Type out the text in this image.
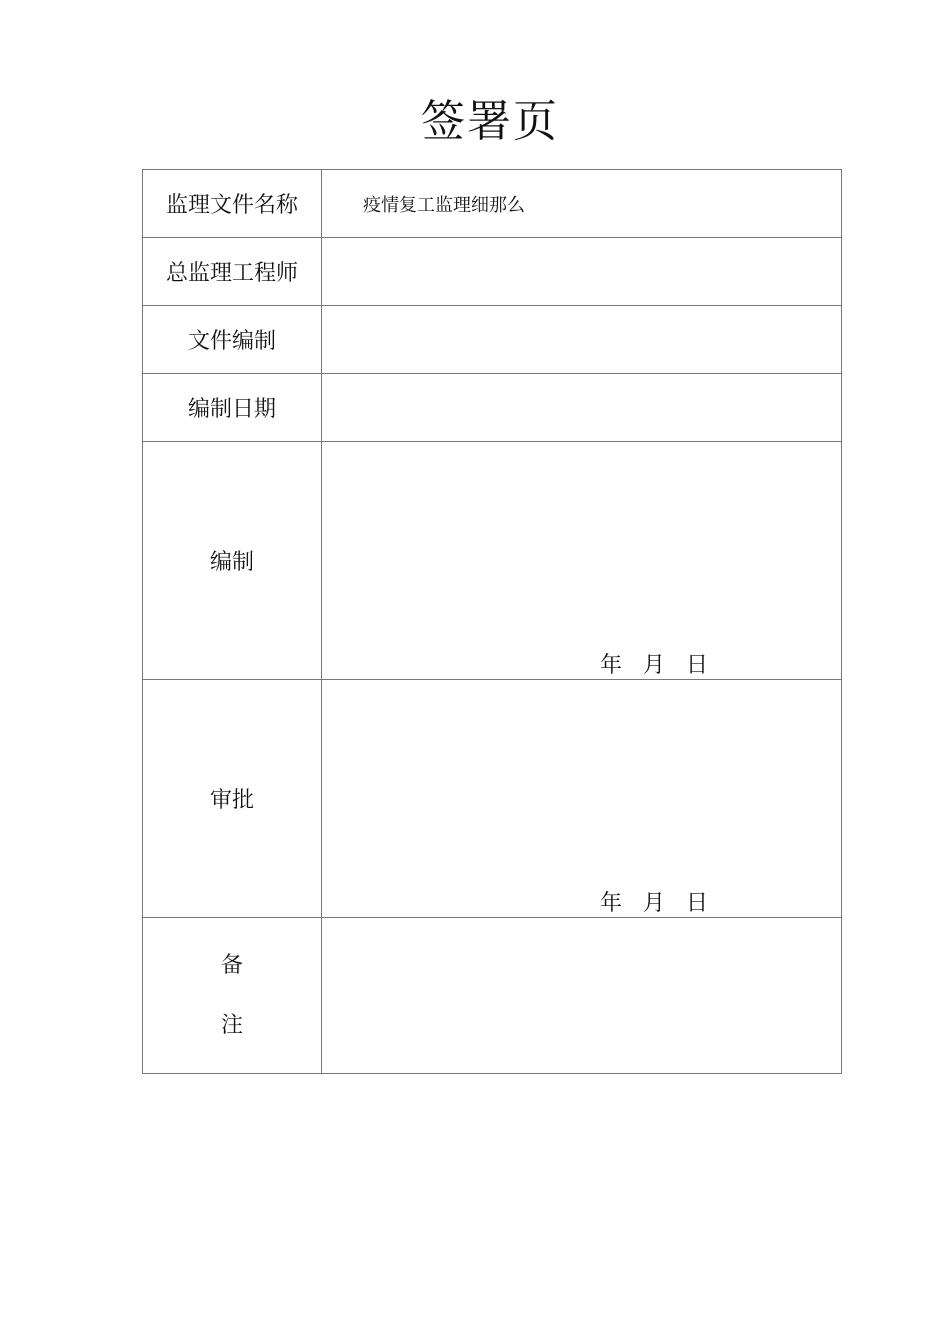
签署页
监理文件名称	疫情复工监理细那么

总监理工程师	

文件编制	

编制日期	

编制	年 月 日

审批	年 月 日

备
注	
